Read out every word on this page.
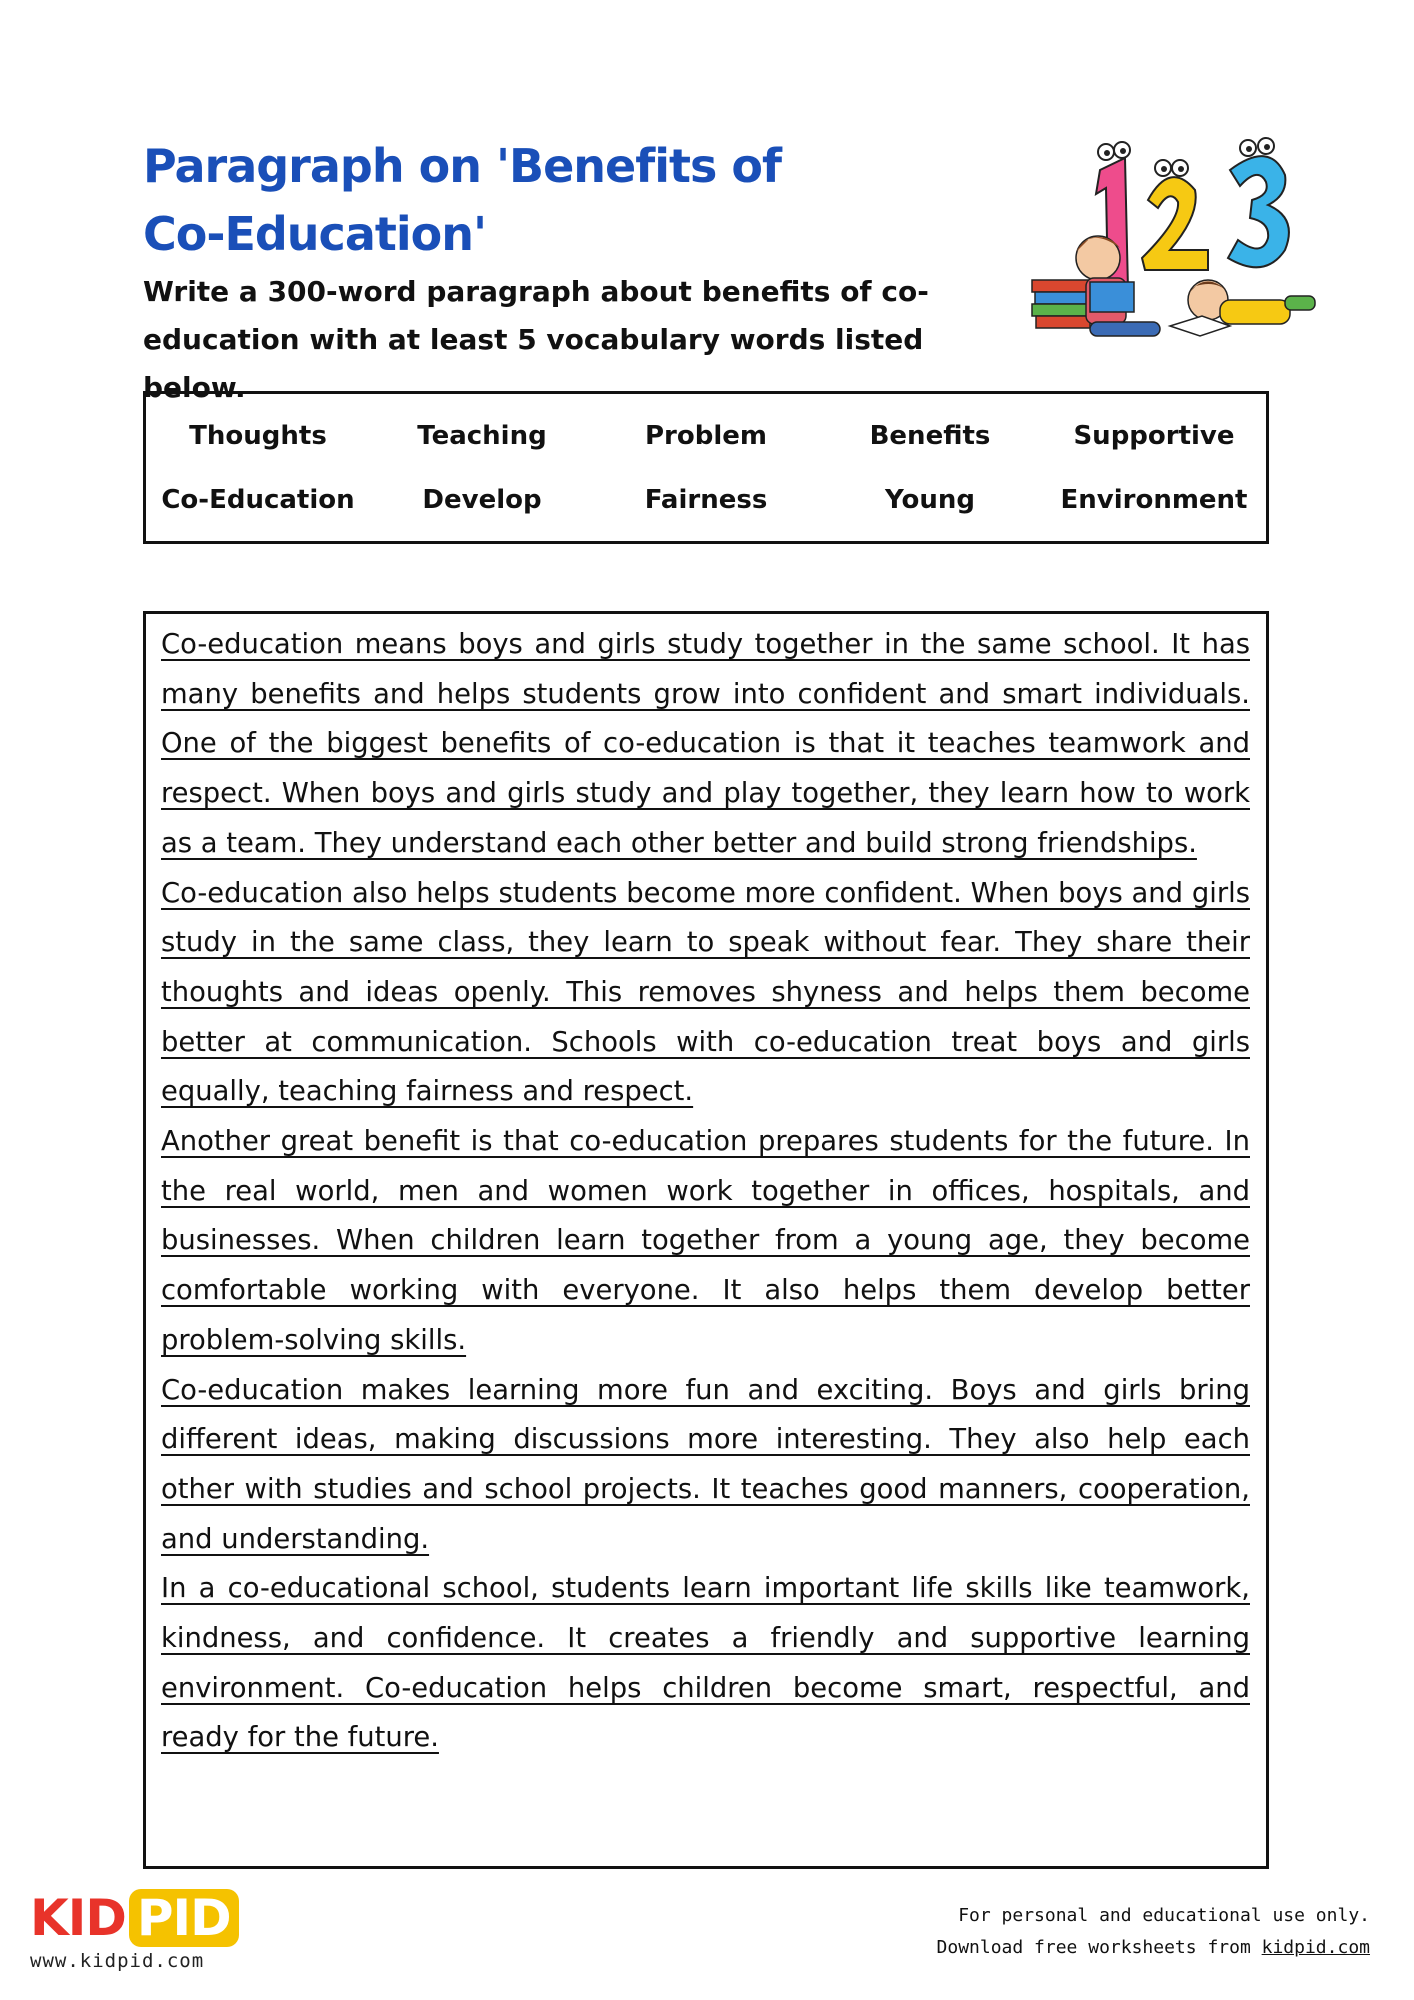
Paragraph on 'Benefits of Co-Education'

Write a 300-word paragraph about benefits of co-education with at least 5 vocabulary words listed below.

Thoughts	Teaching	Problem	Benefits	Supportive
Co-Education	Develop	Fairness	Young	Environment

Co-education means boys and girls study together in the same school. It has many benefits and helps students grow into confident and smart individuals. One of the biggest benefits of co-education is that it teaches teamwork and respect. When boys and girls study and play together, they learn how to work as a team. They understand each other better and build strong friendships.

Co-education also helps students become more confident. When boys and girls study in the same class, they learn to speak without fear. They share their thoughts and ideas openly. This removes shyness and helps them become better at communication. Schools with co-education treat boys and girls equally, teaching fairness and respect.

Another great benefit is that co-education prepares students for the future. In the real world, men and women work together in offices, hospitals, and businesses. When children learn together from a young age, they become comfortable working with everyone. It also helps them develop better problem-solving skills.

Co-education makes learning more fun and exciting. Boys and girls bring different ideas, making discussions more interesting. They also help each other with studies and school projects. It teaches good manners, cooperation, and understanding.

In a co-educational school, students learn important life skills like teamwork, kindness, and confidence. It creates a friendly and supportive learning environment. Co-education helps children become smart, respectful, and ready for the future.

KID PID
www.kidpid.com
For personal and educational use only.
Download free worksheets from kidpid.com
